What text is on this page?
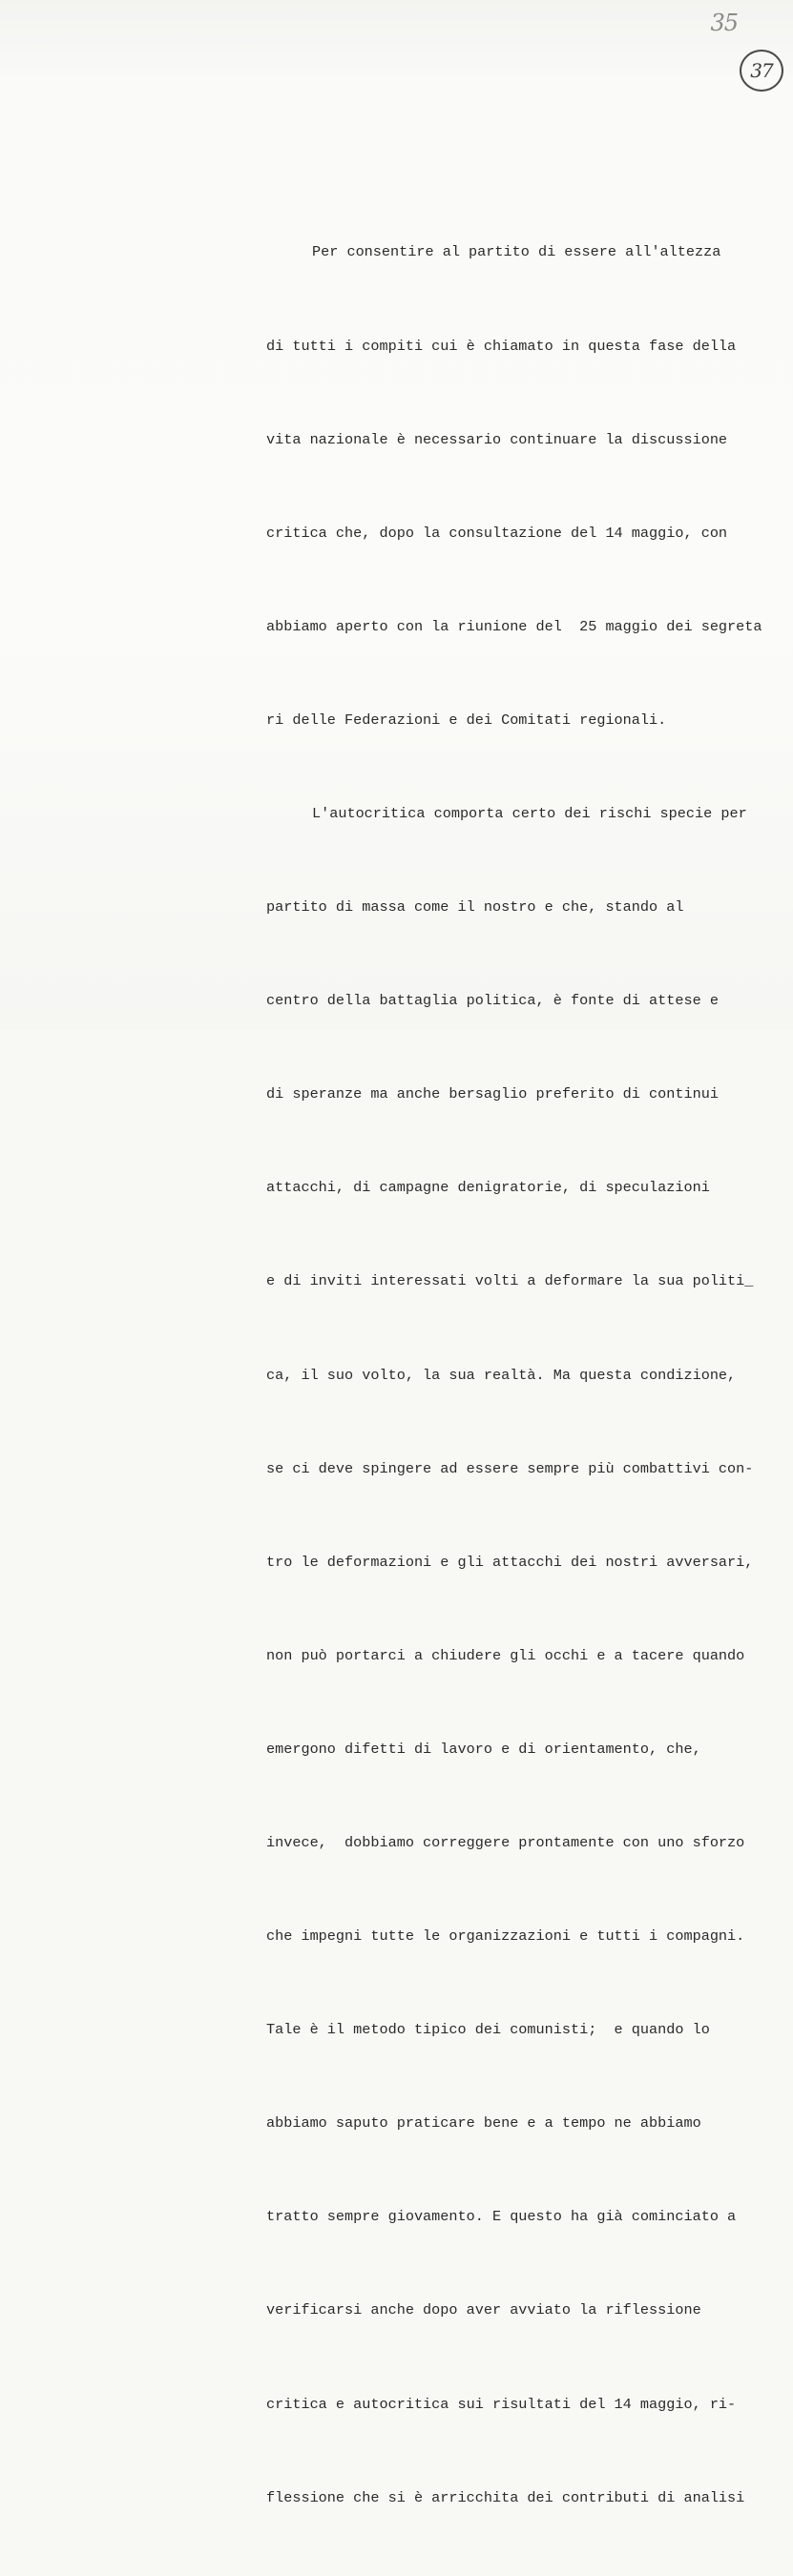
35
37

Per consentire al partito di essere all'altezza

di tutti i compiti cui è chiamato in questa fase della

vita nazionale è necessario continuare la discussione

critica che, dopo la consultazione del 14 maggio, con

abbiamo aperto con la riunione del  25 maggio dei segreta

ri delle Federazioni e dei Comitati regionali.

L'autocritica comporta certo dei rischi specie per

partito di massa come il nostro e che, stando al

centro della battaglia politica, è fonte di attese e

di speranze ma anche bersaglio preferito di continui

attacchi, di campagne denigratorie, di speculazioni

e di inviti interessati volti a deformare la sua politi_

ca, il suo volto, la sua realtà. Ma questa condizione,

se ci deve spingere ad essere sempre più combattivi con-

tro le deformazioni e gli attacchi dei nostri avversari,

non può portarci a chiudere gli occhi e a tacere quando

emergono difetti di lavoro e di orientamento, che,

invece,  dobbiamo correggere prontamente con uno sforzo

che impegni tutte le organizzazioni e tutti i compagni.

Tale è il metodo tipico dei comunisti;  e quando lo

abbiamo saputo praticare bene e a tempo ne abbiamo

tratto sempre giovamento. E questo ha già cominciato a

verificarsi anche dopo aver avviato la riflessione

critica e autocritica sui risultati del 14 maggio, ri-

flessione che si è arricchita dei contributi di analisi
